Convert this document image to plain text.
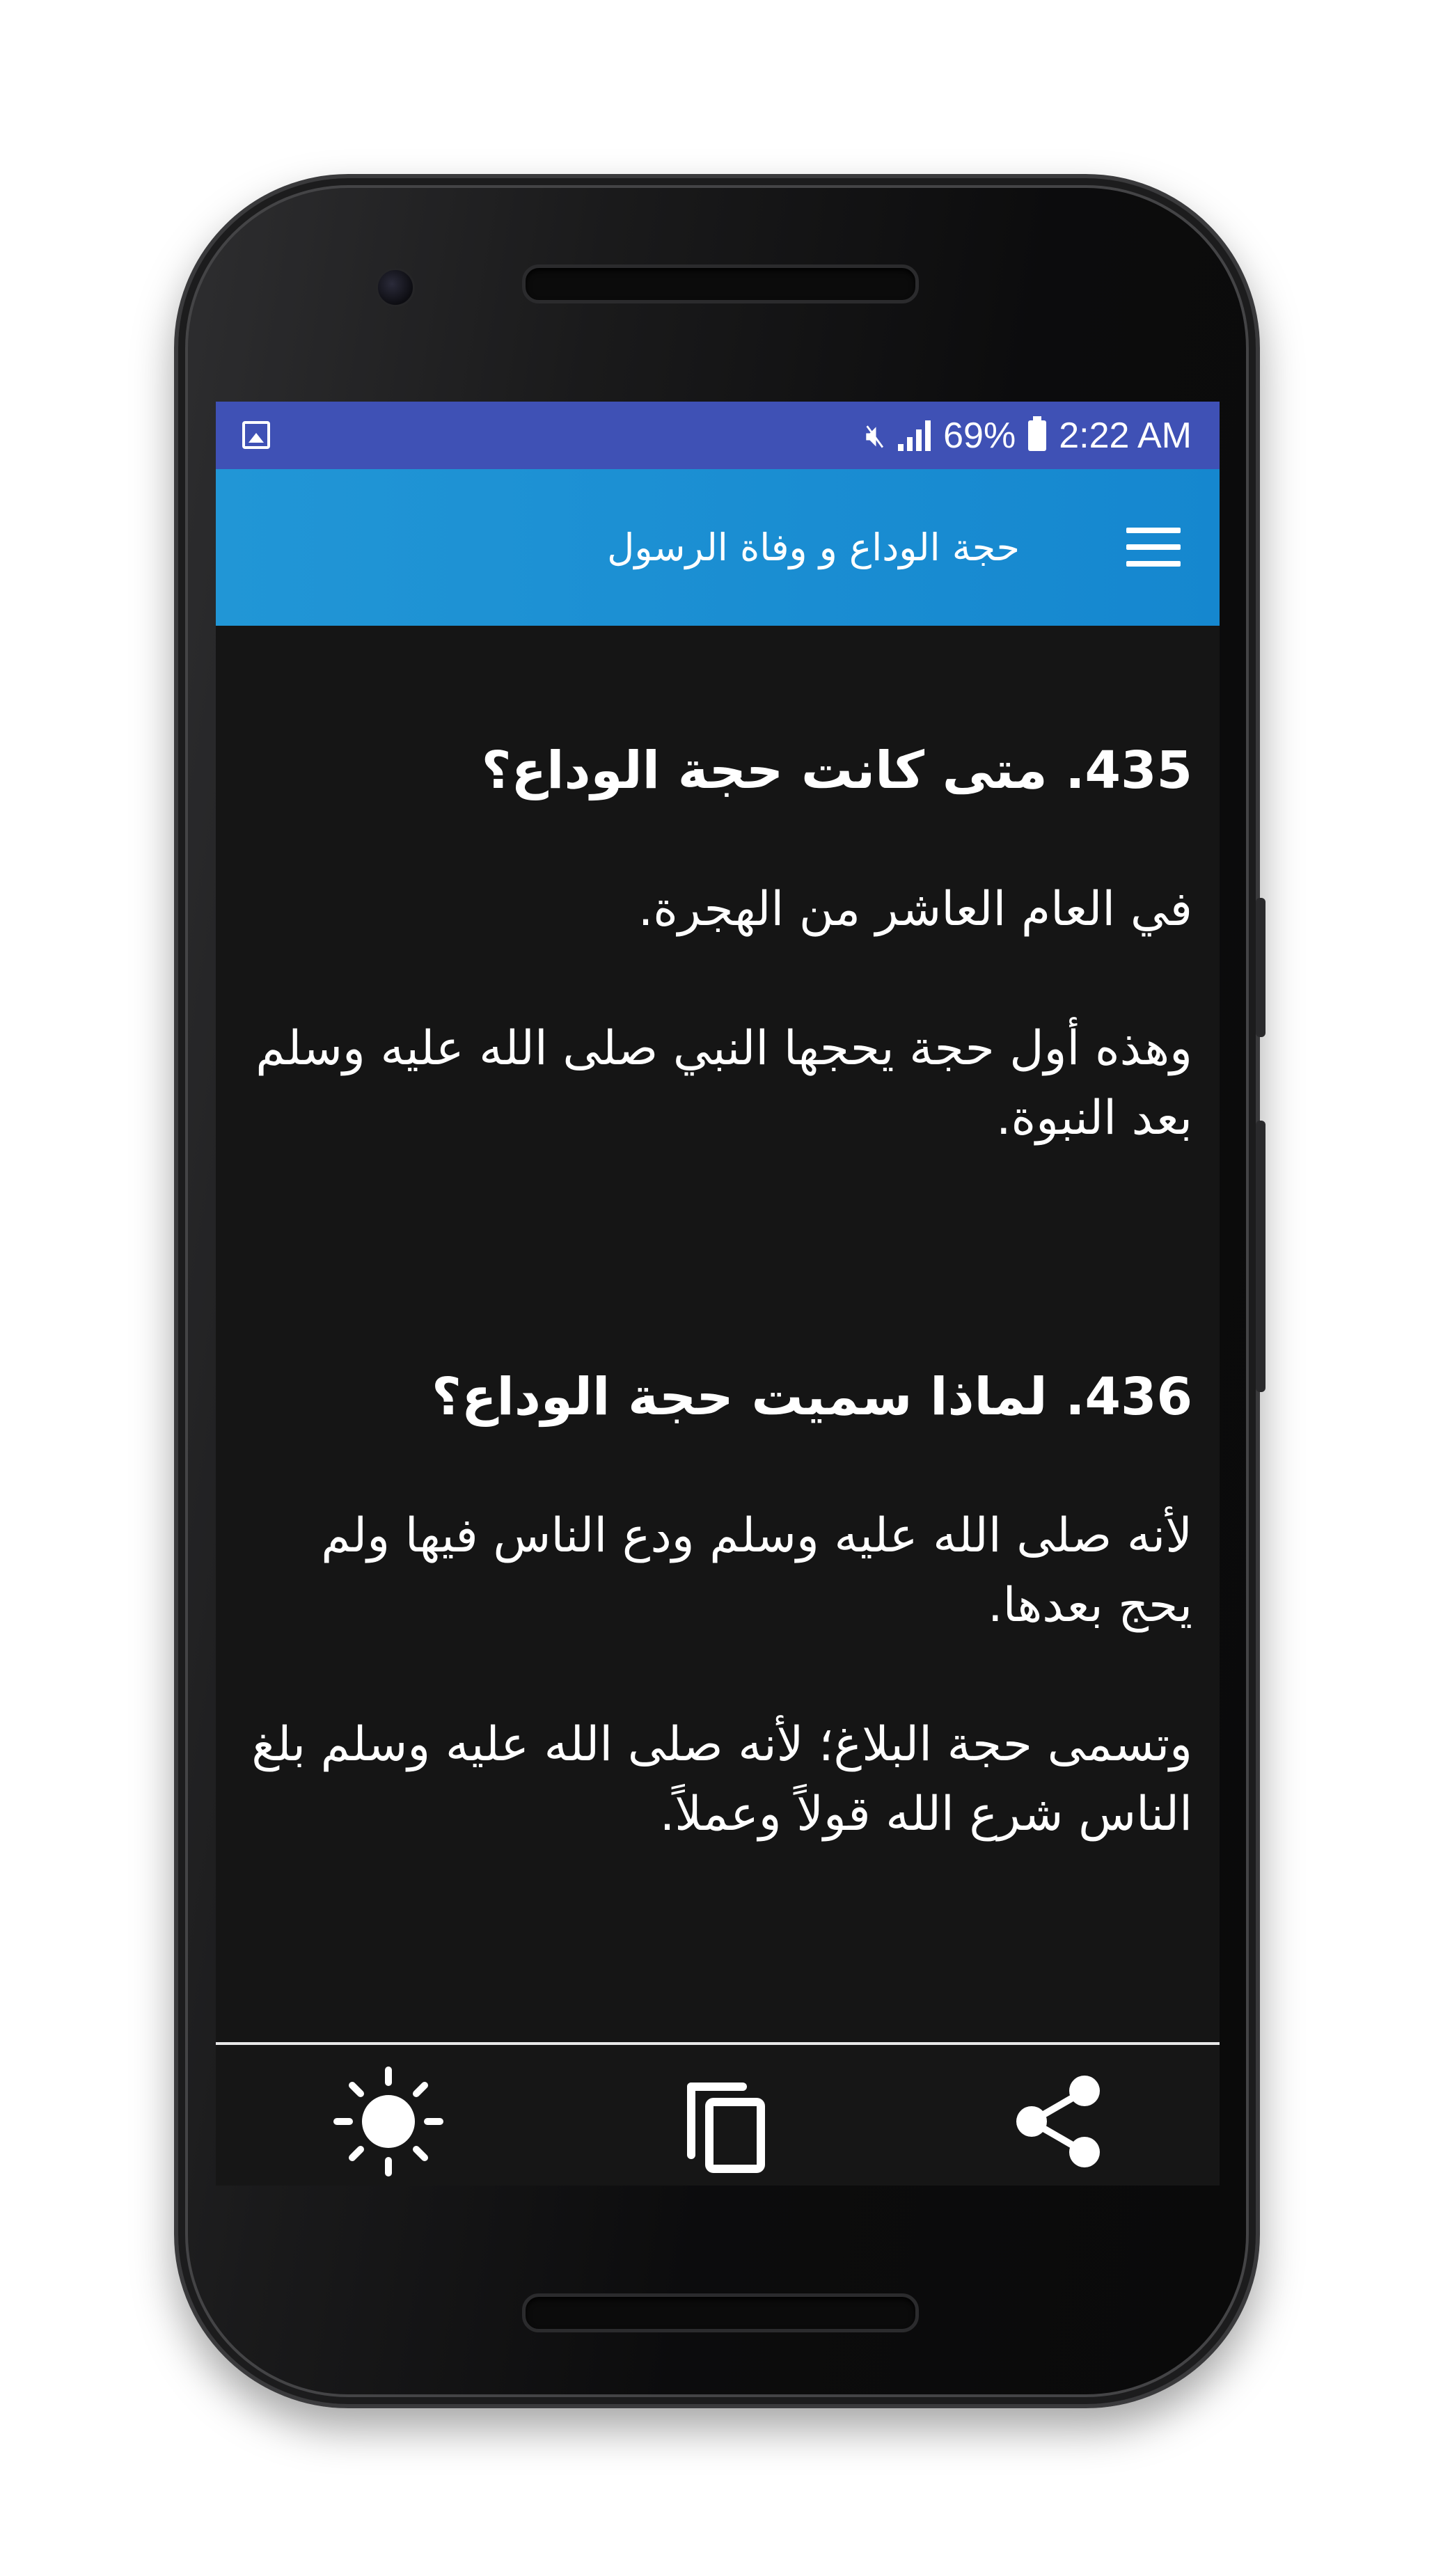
🔇︎ 69% 2:22 AM
حجة الوداع و وفاة الرسول

435. متى كانت حجة الوداع؟

في العام العاشر من الهجرة.

وهذه أول حجة يحجها النبي صلى الله عليه وسلم بعد النبوة.

436. لماذا سميت حجة الوداع؟

لأنه صلى الله عليه وسلم ودع الناس فيها ولم يحج بعدها.

وتسمى حجة البلاغ؛ لأنه صلى الله عليه وسلم بلغ الناس شرع الله قولاً وعملاً.
